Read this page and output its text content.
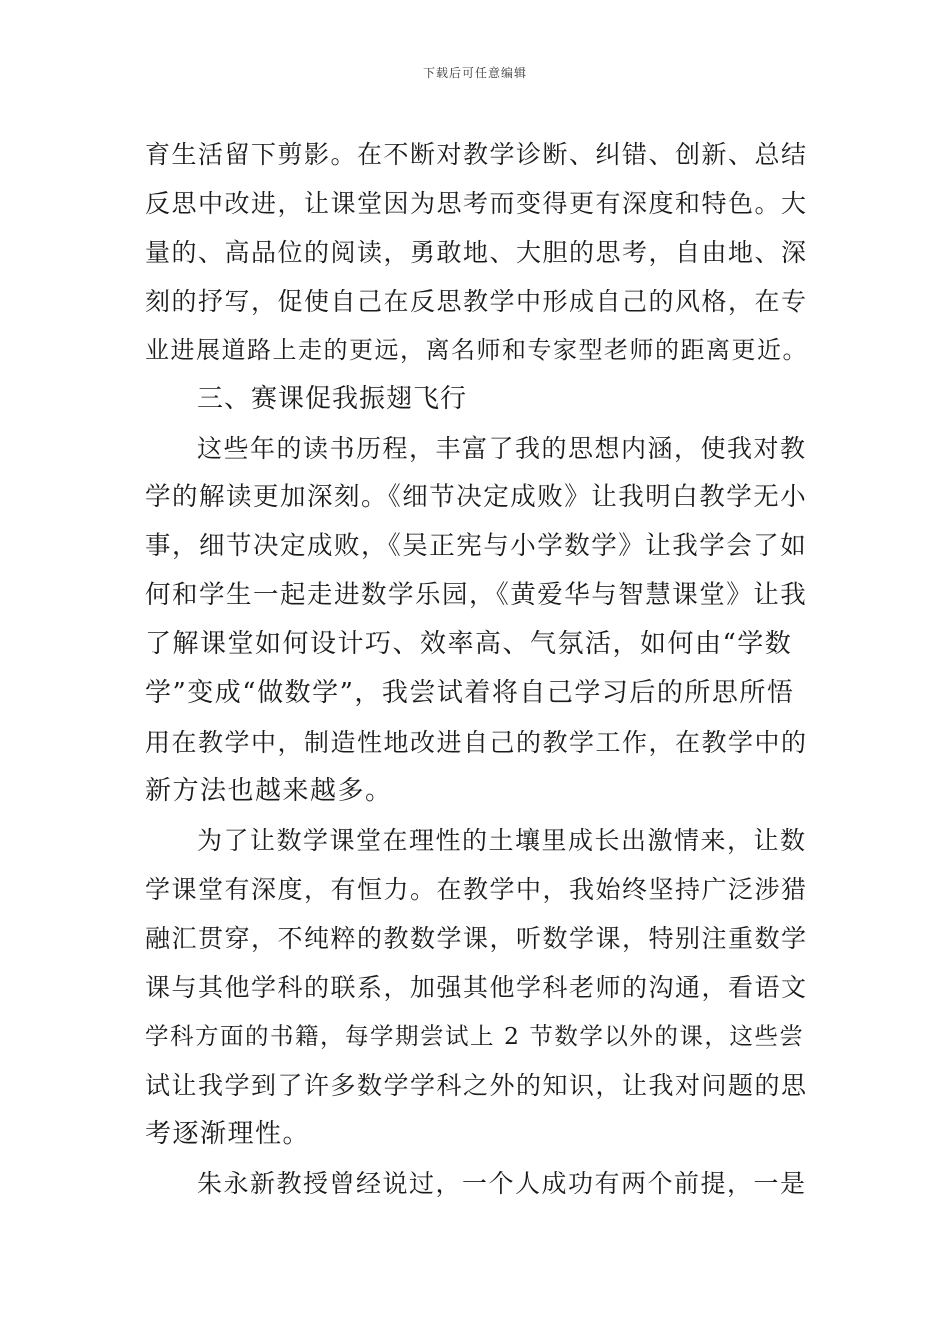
下载后可任意编辑
育生活留下剪影。在不断对教学诊断、纠错、创新、总结
反思中改进，让课堂因为思考而变得更有深度和特色。大
量的、高品位的阅读，勇敢地、大胆的思考，自由地、深
刻的抒写，促使自己在反思教学中形成自己的风格，在专
业进展道路上走的更远，离名师和专家型老师的距离更近。
三、赛课促我振翅飞行
这些年的读书历程，丰富了我的思想内涵，使我对教
学的解读更加深刻。《细节决定成败》让我明白教学无小
事，细节决定成败，《吴正宪与小学数学》让我学会了如
何和学生一起走进数学乐园，《黄爱华与智慧课堂》让我
了解课堂如何设计巧、效率高、气氛活，如何由“学数
学”变成“做数学”，我尝试着将自己学习后的所思所悟
用在教学中，制造性地改进自己的教学工作，在教学中的
新方法也越来越多。
为了让数学课堂在理性的土壤里成长出激情来，让数
学课堂有深度，有恒力。在教学中，我始终坚持广泛涉猎
融汇贯穿，不纯粹的教数学课，听数学课，特别注重数学
课与其他学科的联系，加强其他学科老师的沟通，看语文
学科方面的书籍，每学期尝试上 2 节数学以外的课，这些尝
试让我学到了许多数学学科之外的知识，让我对问题的思
考逐渐理性。
朱永新教授曾经说过，一个人成功有两个前提，一是
